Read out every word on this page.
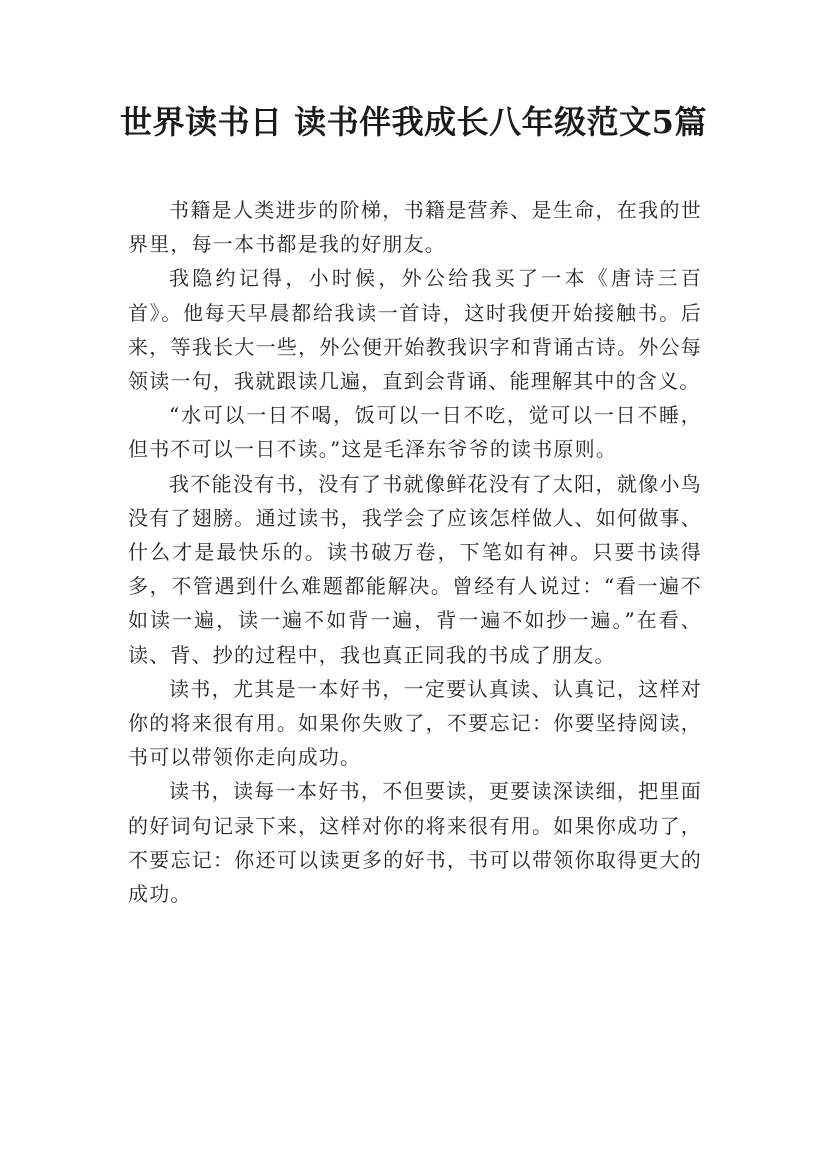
世界读书日 读书伴我成长八年级范文5篇

书籍是人类进步的阶梯，书籍是营养、是生命，在我的世界里，每一本书都是我的好朋友。

我隐约记得，小时候，外公给我买了一本《唐诗三百首》。他每天早晨都给我读一首诗，这时我便开始接触书。后来，等我长大一些，外公便开始教我识字和背诵古诗。外公每领读一句，我就跟读几遍，直到会背诵、能理解其中的含义。

“水可以一日不喝，饭可以一日不吃，觉可以一日不睡，但书不可以一日不读。”这是毛泽东爷爷的读书原则。

我不能没有书，没有了书就像鲜花没有了太阳，就像小鸟没有了翅膀。通过读书，我学会了应该怎样做人、如何做事、什么才是最快乐的。读书破万卷，下笔如有神。只要书读得多，不管遇到什么难题都能解决。曾经有人说过：“看一遍不如读一遍，读一遍不如背一遍，背一遍不如抄一遍。”在看、读、背、抄的过程中，我也真正同我的书成了朋友。

读书，尤其是一本好书，一定要认真读、认真记，这样对你的将来很有用。如果你失败了，不要忘记：你要坚持阅读，书可以带领你走向成功。

读书，读每一本好书，不但要读，更要读深读细，把里面的好词句记录下来，这样对你的将来很有用。如果你成功了，不要忘记：你还可以读更多的好书，书可以带领你取得更大的成功。
